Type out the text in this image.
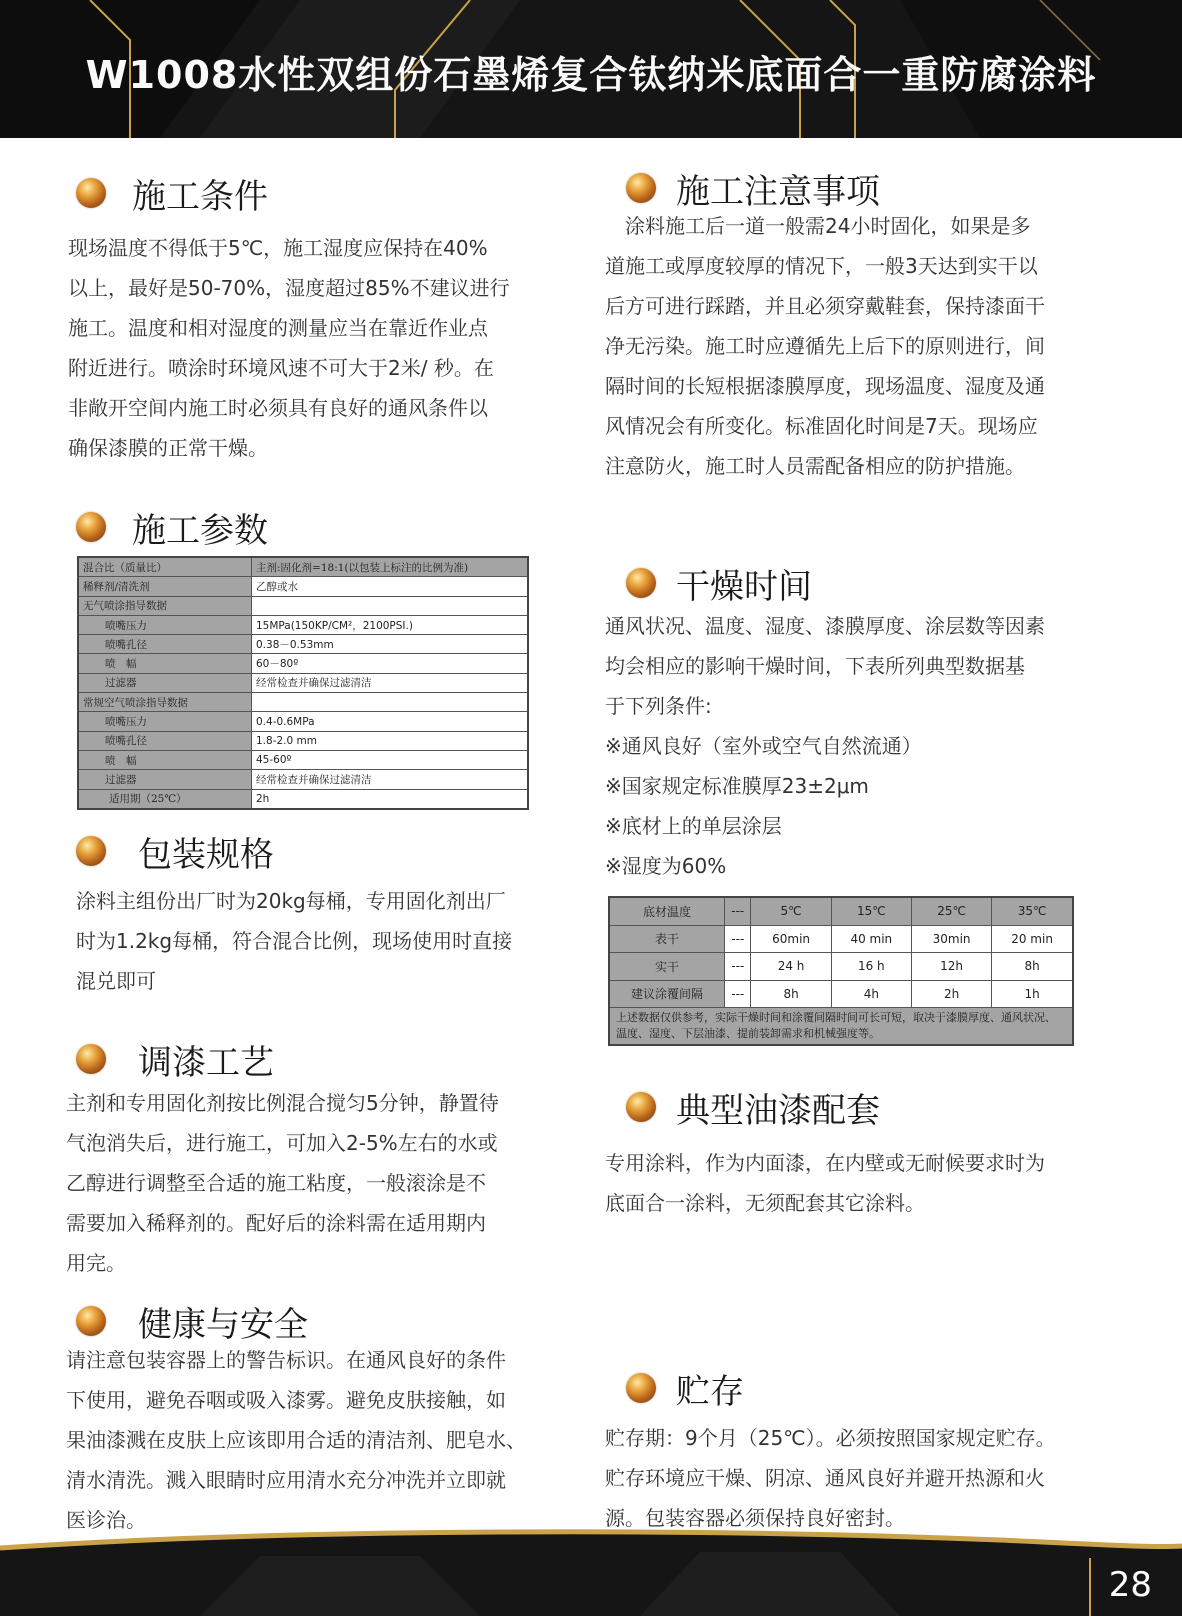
W1008水性双组份石墨烯复合钛纳米底面合一重防腐涂料
施工条件

现场温度不得低于5℃，施工湿度应保持在40%

以上，最好是50-70%，湿度超过85%不建议进行

施工。温度和相对湿度的测量应当在靠近作业点

附近进行。喷涂时环境风速不可大于2米/ 秒。在

非敞开空间内施工时必须具有良好的通风条件以

确保漆膜的正常干燥。

施工参数
混合比（质量比）	主剂:固化剂=18:1(以包装上标注的比例为准)
稀释剂/清洗剂	乙醇或水
无气喷涂指导数据	
喷嘴压力	15MPa(150KP/CM²，2100PSI.)
喷嘴孔径	0.38－0.53mm
喷　幅	60－80º
过滤器	经常检查并确保过滤清洁
常规空气喷涂指导数据	
喷嘴压力	0.4-0.6MPa
喷嘴孔径	1.8-2.0 mm
喷　幅	45-60º
过滤器	经常检查并确保过滤清洁
适用期（25℃）	2h
包装规格

涂料主组份出厂时为20kg每桶，专用固化剂出厂

时为1.2kg每桶，符合混合比例，现场使用时直接

混兑即可

调漆工艺

主剂和专用固化剂按比例混合搅匀5分钟，静置待

气泡消失后，进行施工，可加入2-5%左右的水或

乙醇进行调整至合适的施工粘度，一般滚涂是不

需要加入稀释剂的。配好后的涂料需在适用期内

用完。

健康与安全

请注意包装容器上的警告标识。在通风良好的条件

下使用，避免吞咽或吸入漆雾。避免皮肤接触，如

果油漆溅在皮肤上应该即用合适的清洁剂、肥皂水、

清水清洗。溅入眼睛时应用清水充分冲洗并立即就

医诊治。

施工注意事项

　涂料施工后一道一般需24小时固化，如果是多

道施工或厚度较厚的情况下，一般3天达到实干以

后方可进行踩踏，并且必须穿戴鞋套，保持漆面干

净无污染。施工时应遵循先上后下的原则进行，间

隔时间的长短根据漆膜厚度，现场温度、湿度及通

风情况会有所变化。标准固化时间是7天。现场应

注意防火，施工时人员需配备相应的防护措施。

干燥时间

通风状况、温度、湿度、漆膜厚度、涂层数等因素

均会相应的影响干燥时间，下表所列典型数据基

于下列条件:

※通风良好（室外或空气自然流通）

※国家规定标准膜厚23±2μm

※底材上的单层涂层

※湿度为60%

底材温度	---	5℃	15℃	25℃	35℃
表干	---	60min	40 min	30min	20 min
实干	---	24 h	16 h	12h	8h
建议涂覆间隔	---	8h	4h	2h	1h
上述数据仅供参考，实际干燥时间和涂覆间隔时间可长可短，取决于漆膜厚度、通风状况、温度、湿度、下层油漆、提前装卸需求和机械强度等。					
典型油漆配套

专用涂料，作为内面漆，在内壁或无耐候要求时为

底面合一涂料，无须配套其它涂料。

贮存

贮存期：9个月（25℃）。必须按照国家规定贮存。

贮存环境应干燥、阴凉、通风良好并避开热源和火

源。包装容器必须保持良好密封。

28
